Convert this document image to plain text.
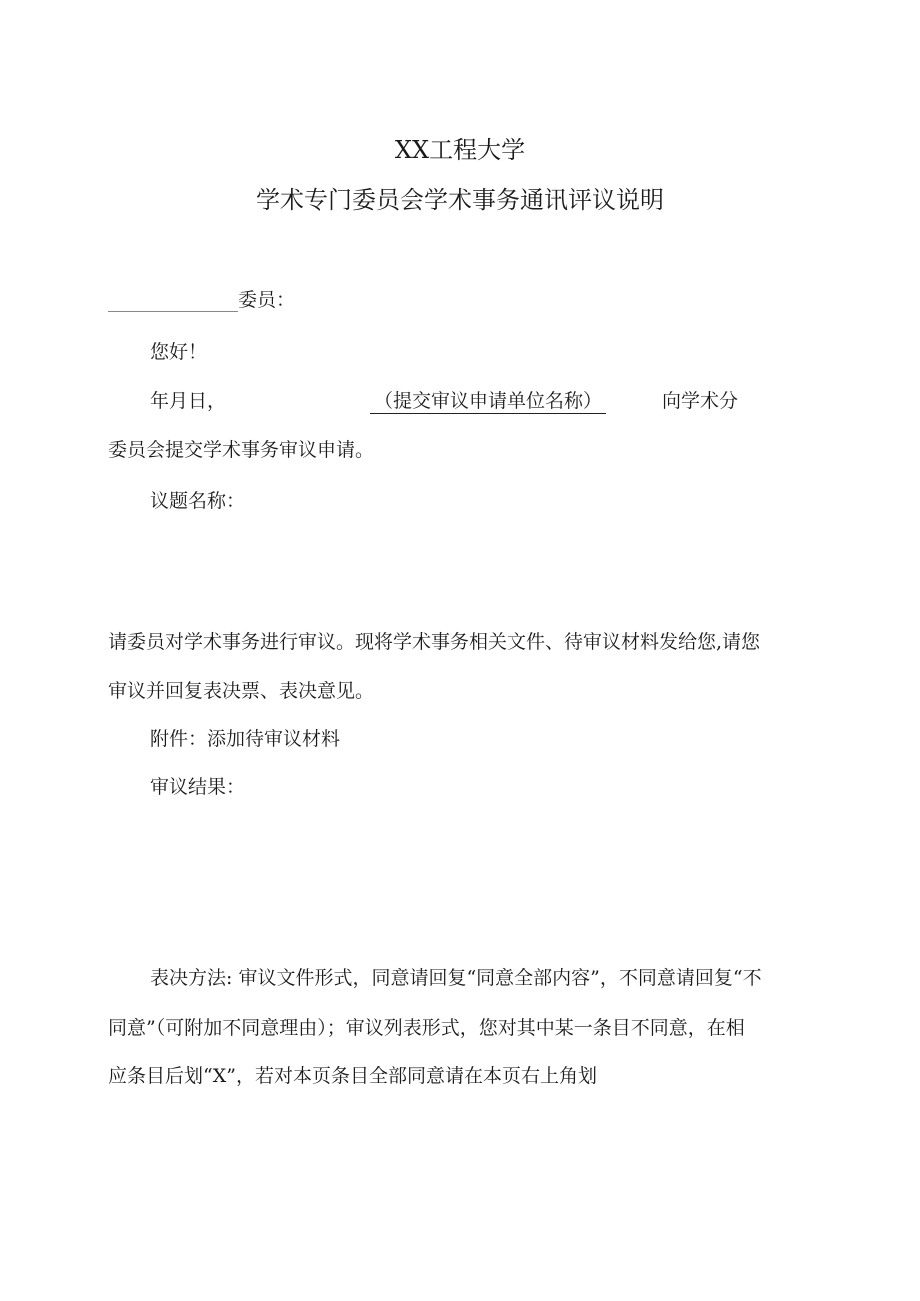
XX工程大学
学术专门委员会学术事务通讯评议说明
委员：
您好！
年月日，	（提交审议申请单位名称）	向学术分
委员会提交学术事务审议申请。
议题名称：
请委员对学术事务进行审议。现将学术事务相关文件、待审议材料发给您,请您
审议并回复表决票、表决意见。
附件：添加待审议材料
审议结果：
表决方法: 审议文件形式，同意请回复“同意全部内容”，不同意请回复“不
同意”（可附加不同意理由）；审议列表形式，您对其中某一条目不同意，在相
应条目后划“X”，若对本页条目全部同意请在本页右上角划
